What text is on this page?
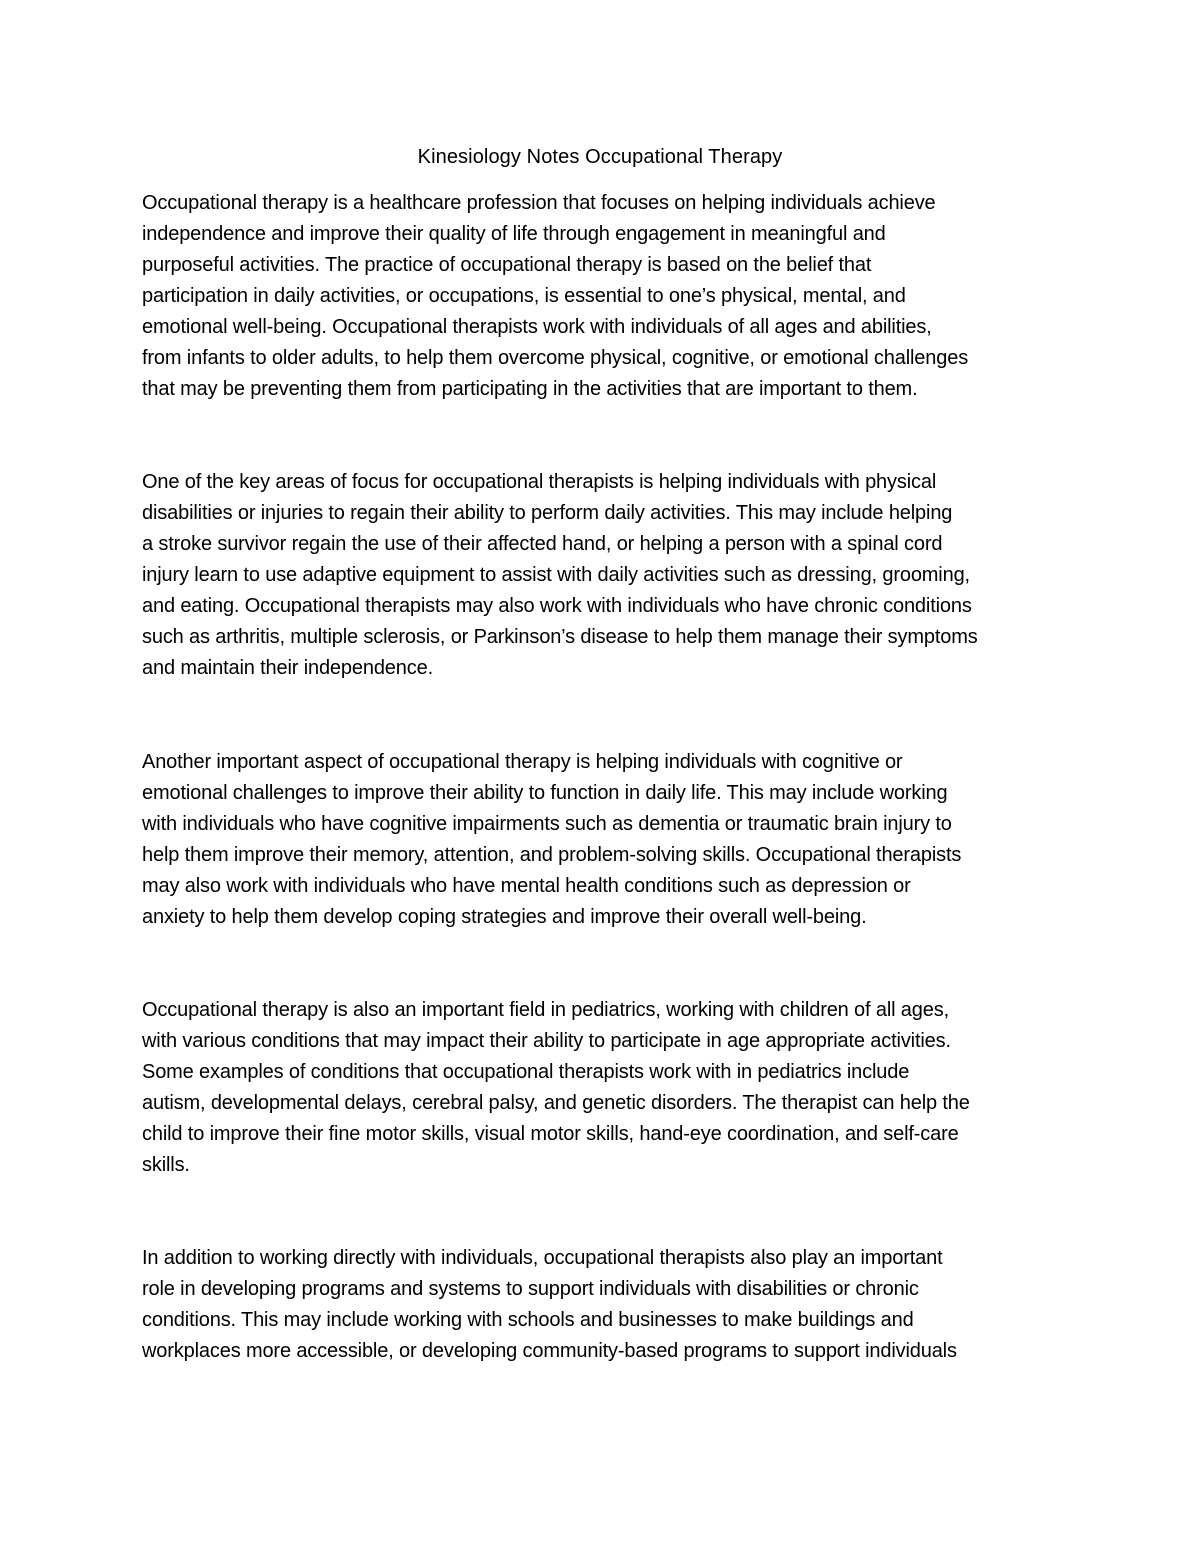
Kinesiology Notes Occupational Therapy

Occupational therapy is a healthcare profession that focuses on helping individuals achieve
independence and improve their quality of life through engagement in meaningful and
purposeful activities. The practice of occupational therapy is based on the belief that
participation in daily activities, or occupations, is essential to one’s physical, mental, and
emotional well-being. Occupational therapists work with individuals of all ages and abilities,
from infants to older adults, to help them overcome physical, cognitive, or emotional challenges
that may be preventing them from participating in the activities that are important to them.

One of the key areas of focus for occupational therapists is helping individuals with physical
disabilities or injuries to regain their ability to perform daily activities. This may include helping
a stroke survivor regain the use of their affected hand, or helping a person with a spinal cord
injury learn to use adaptive equipment to assist with daily activities such as dressing, grooming,
and eating. Occupational therapists may also work with individuals who have chronic conditions
such as arthritis, multiple sclerosis, or Parkinson’s disease to help them manage their symptoms
and maintain their independence.

Another important aspect of occupational therapy is helping individuals with cognitive or
emotional challenges to improve their ability to function in daily life. This may include working
with individuals who have cognitive impairments such as dementia or traumatic brain injury to
help them improve their memory, attention, and problem-solving skills. Occupational therapists
may also work with individuals who have mental health conditions such as depression or
anxiety to help them develop coping strategies and improve their overall well-being.

Occupational therapy is also an important field in pediatrics, working with children of all ages,
with various conditions that may impact their ability to participate in age appropriate activities.
Some examples of conditions that occupational therapists work with in pediatrics include
autism, developmental delays, cerebral palsy, and genetic disorders. The therapist can help the
child to improve their fine motor skills, visual motor skills, hand-eye coordination, and self-care
skills.

In addition to working directly with individuals, occupational therapists also play an important
role in developing programs and systems to support individuals with disabilities or chronic
conditions. This may include working with schools and businesses to make buildings and
workplaces more accessible, or developing community-based programs to support individuals
